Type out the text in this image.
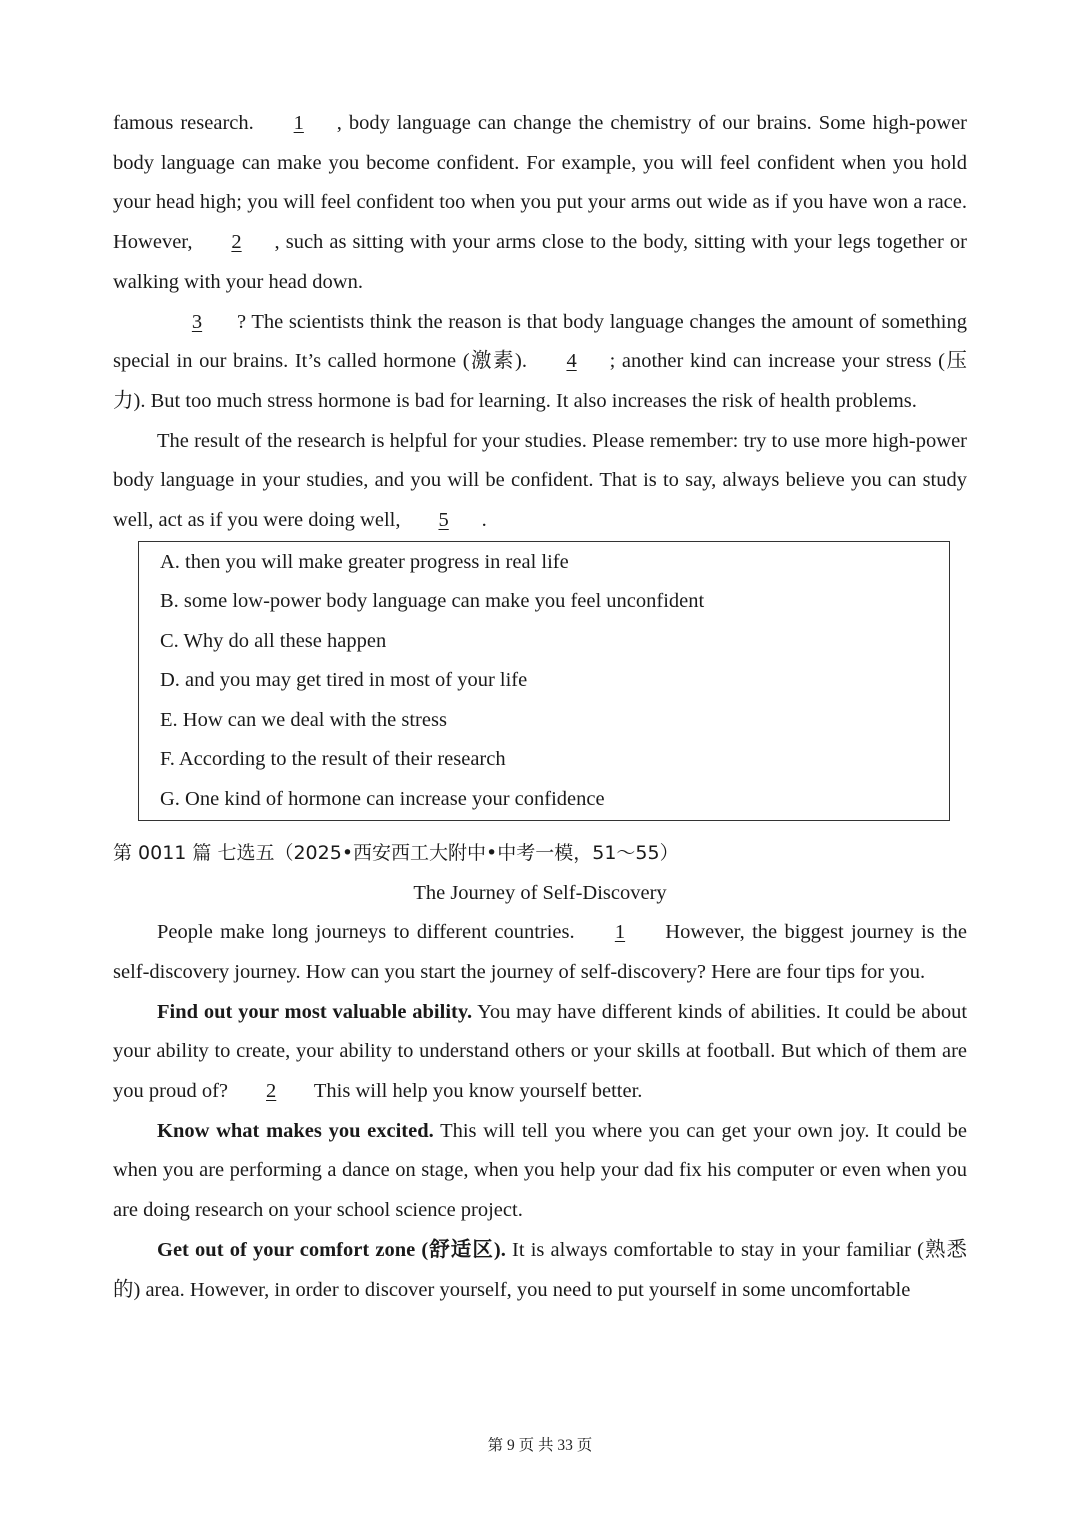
famous research. 1 , body language can change the chemistry of our brains. Some high-power body language can make you become confident. For example, you will feel confident when you hold your head high; you will feel confident too when you put your arms out wide as if you have won a race. However, 2 , such as sitting with your arms close to the body, sitting with your legs together or walking with your head down.

3 ? The scientists think the reason is that body language changes the amount of something special in our brains. It’s called hormone (激素). 4 ; another kind can increase your stress (压力). But too much stress hormone is bad for learning. It also increases the risk of health problems.

The result of the research is helpful for your studies. Please remember: try to use more high-power body language in your studies, and you will be confident. That is to say, always believe you can study well, act as if you were doing well, 5 .

A. then you will make greater progress in real life
B. some low-power body language can make you feel unconfident
C. Why do all these happen
D. and you may get tired in most of your life
E. How can we deal with the stress
F. According to the result of their research
G. One kind of hormone can increase your confidence
第 0011 篇 七选五（2025•西安西工大附中•中考一模，51～55）
The Journey of Self-Discovery

People make long journeys to different countries. 1 However, the biggest journey is the self-discovery journey. How can you start the journey of self-discovery? Here are four tips for you.

Find out your most valuable ability. You may have different kinds of abilities. It could be about your ability to create, your ability to understand others or your skills at football. But which of them are you proud of? 2 This will help you know yourself better.

Know what makes you excited. This will tell you where you can get your own joy. It could be when you are performing a dance on stage, when you help your dad fix his computer or even when you are doing research on your school science project.

Get out of your comfort zone (舒适区). It is always comfortable to stay in your familiar (熟悉的) area. However, in order to discover yourself, you need to put yourself in some uncomfortable

第 9 页 共 33 页
